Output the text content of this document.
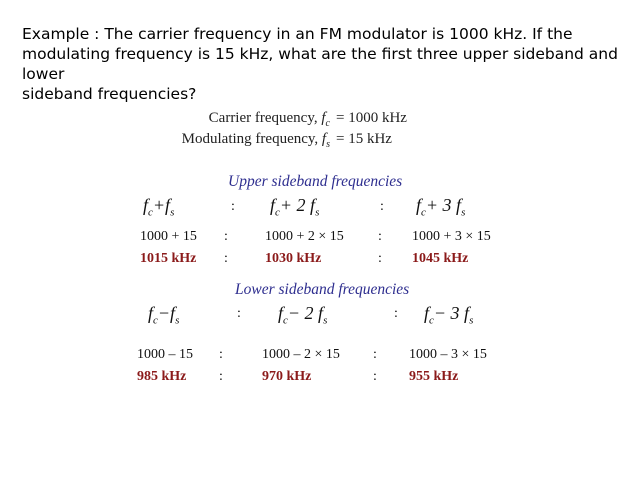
Example : The carrier frequency in an FM modulator is 1000 kHz. If the
modulating frequency is 15 kHz, what are the first three upper sideband and lower
sideband frequencies?
Carrier frequency, $f_c = 1000$ kHz
Modulating frequency, $f_s = 15$ kHz
Upper sideband frequencies
$f_c+f_s$	: $f_c+ 2$ $f_s$	: $f_c+ 3$ $f_s$
1000 + 15 :	1000 + 2 × 15 : 1000 + 3 × 15
1015 kHz :	1030 kHz	: 1045 kHz
Lower sideband frequencies
$f_c-f_s$	: $f_c- 2$ $f_s$	: $f_c- 3$ $f_s$
1000 – 15 :	1000 – 2 × 15 : 1000 – 3 × 15
985 kHz :	970 kHz	: 955 kHz
